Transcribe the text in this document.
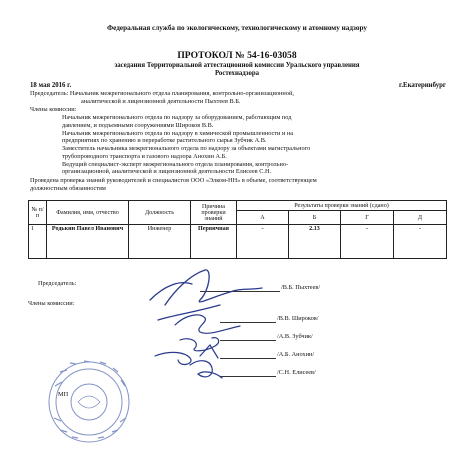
Федеральная служба по экологическому, технологическому и атомному надзору
ПРОТОКОЛ № 54-16-03058
заседания Территориальной аттестационной комиссии Уральского управления
Ростехнадзора
18 мая 2016 г.	г.Екатеринбург
Председатель: Начальник межрегионального отдела планирования, контрольно-организационной,
аналитической и лицензионной деятельности Пыхтеев В.Б.
Члены комиссии:
Начальник межрегионального отдела по надзору за оборудованием, работающим под
давлением, и подъемными сооружениями Широков В.В.
Начальник межрегионального отдела по надзору в химической промышленности и на
предприятиях по хранению и переработке растительного сырья Зубчик А.В.
Заместитель начальника межрегионального отдела по надзору за объектами магистрального
трубопроводного транспорта и газового надзора Анохин А.Б.
Ведущий специалист-эксперт межрегионального отдела планирования, контрольно-
организационной, аналитической и лицензионной деятельности Елисеев С.Н.
Проведена проверка знаний руководителей и специалистов ООО «Элком-НН» в объеме, соответствующем
должностным обязанностям
№ п/п	Фамилия, имя, отчество	Должность	Причина проверки знаний	Результаты проверки знаний (сдано)			
				А	Б	Г	Д
1	Родькин Павел Иванович	Инженер	Первичная	-	2.13	-	-
Председатель:
Члены комиссии:
/В.Б. Пыхтеев/
/В.В. Широков/
/А.В. Зубчик/
/А.Б. Анохин/
/С.Н. Елисеев/
МП
